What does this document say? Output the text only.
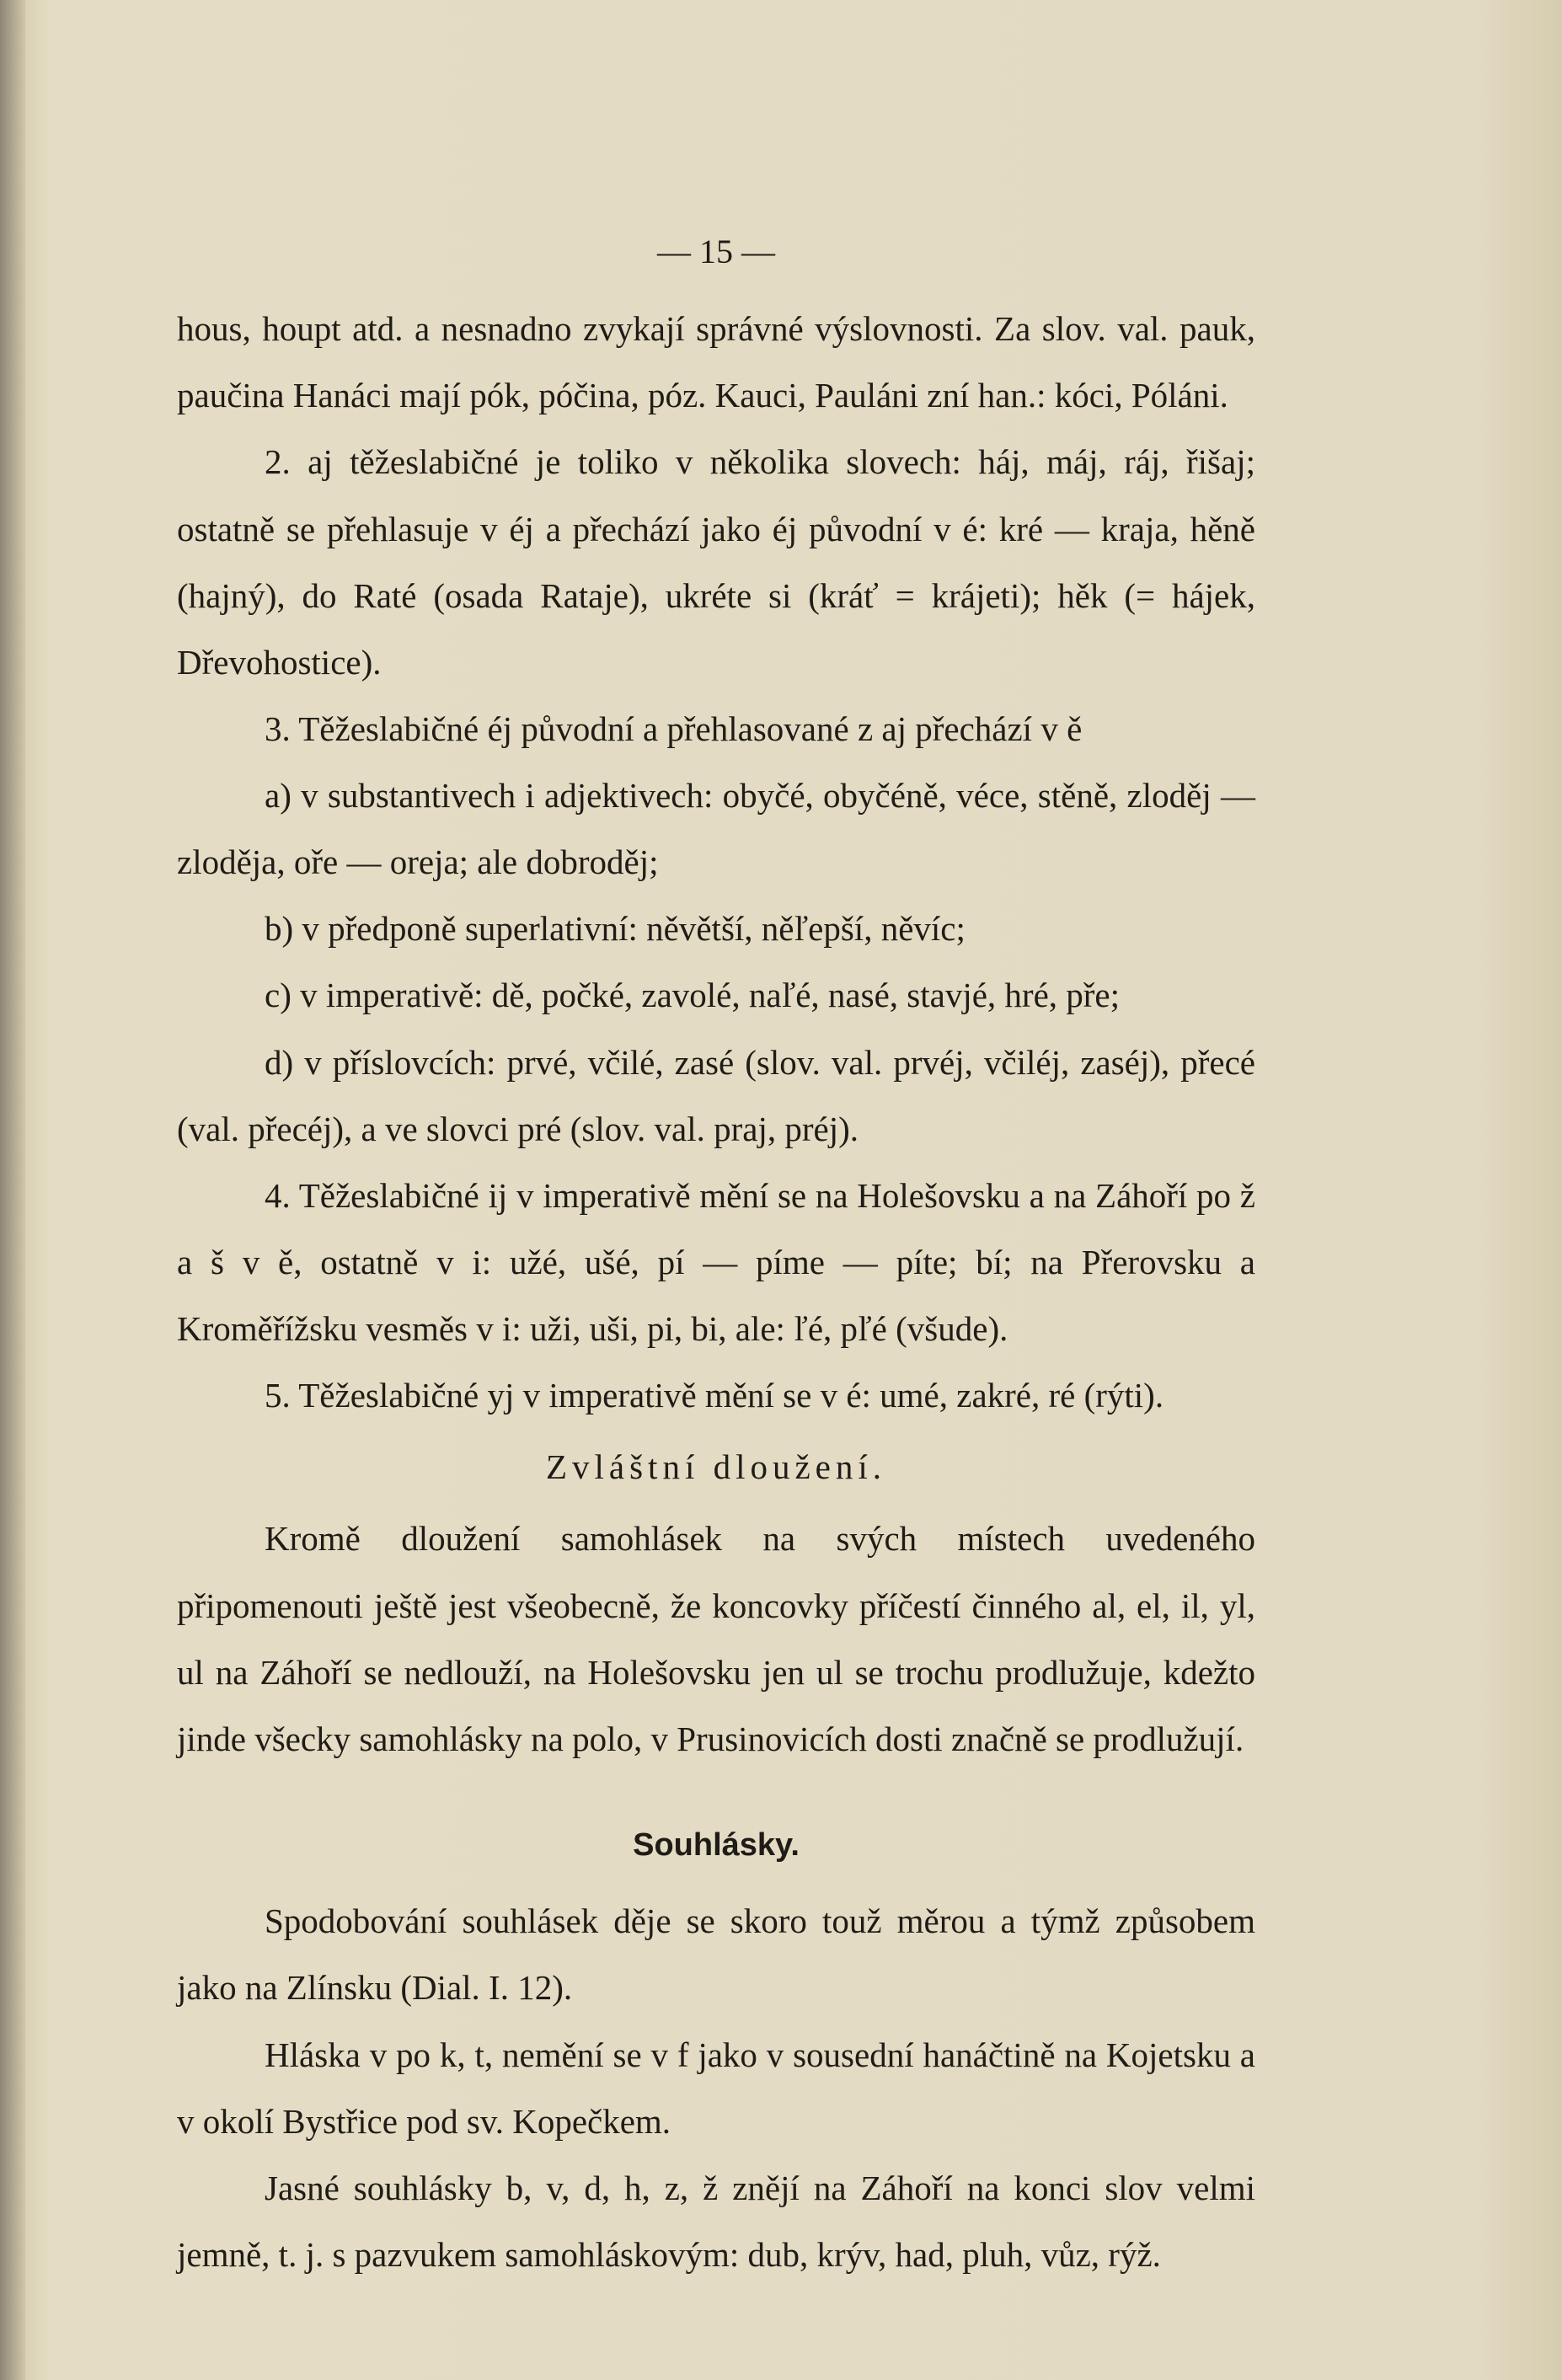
— 15 —

hous, houpt atd. a nesnadno zvykají správné výslovnosti. Za slov. val. pauk, paučina Hanáci mají pók, póčina, póz. Kauci, Pauláni zní han.: kóci, Póláni.

2. aj těžeslabičné je toliko v několika slovech: háj, máj, ráj, řišaj; ostatně se přehlasuje v éj a přechází jako éj původní v é: kré — kraja, hěně (hajný), do Raté (osada Rataje), ukréte si (kráť = krájeti); hěk (= hájek, Dřevohostice).

3. Těžeslabičné éj původní a přehlasované z aj přechází v ě

a) v substantivech i adjektivech: obyčé, obyčéně, véce, stěně, zloděj — zloděja, oře — oreja; ale dobroděj;

b) v předponě superlativní: něvětší, něľepší, něvíc;

c) v imperativě: dě, počké, zavolé, naľé, nasé, stavjé, hré, pře;

d) v příslovcích: prvé, včilé, zasé (slov. val. prvéj, včiléj, zaséj), přecé (val. přecéj), a ve slovci pré (slov. val. praj, préj).

4. Těžeslabičné ij v imperativě mění se na Holešovsku a na Záhoří po ž a š v ě, ostatně v i: užé, ušé, pí — píme — píte; bí; na Přerovsku a Kroměřížsku vesměs v i: uži, uši, pi, bi, ale: ľé, pľé (všude).

5. Těžeslabičné yj v imperativě mění se v é: umé, zakré, ré (rýti).

Zvláštní dloužení.

Kromě dloužení samohlásek na svých místech uvedeného připomenouti ještě jest všeobecně, že koncovky příčestí činného al, el, il, yl, ul na Záhoří se nedlouží, na Holešovsku jen ul se trochu prodlužuje, kdežto jinde všecky samohlásky na polo, v Prusinovicích dosti značně se prodlužují.

Souhlásky.

Spodobování souhlásek děje se skoro touž měrou a týmž způsobem jako na Zlínsku (Dial. I. 12).

Hláska v po k, t, nemění se v f jako v sousední hanáčtině na Kojetsku a v okolí Bystřice pod sv. Kopečkem.

Jasné souhlásky b, v, d, h, z, ž znějí na Záhoří na konci slov velmi jemně, t. j. s pazvukem samohláskovým: dub, krýv, had, pluh, vůz, rýž.
